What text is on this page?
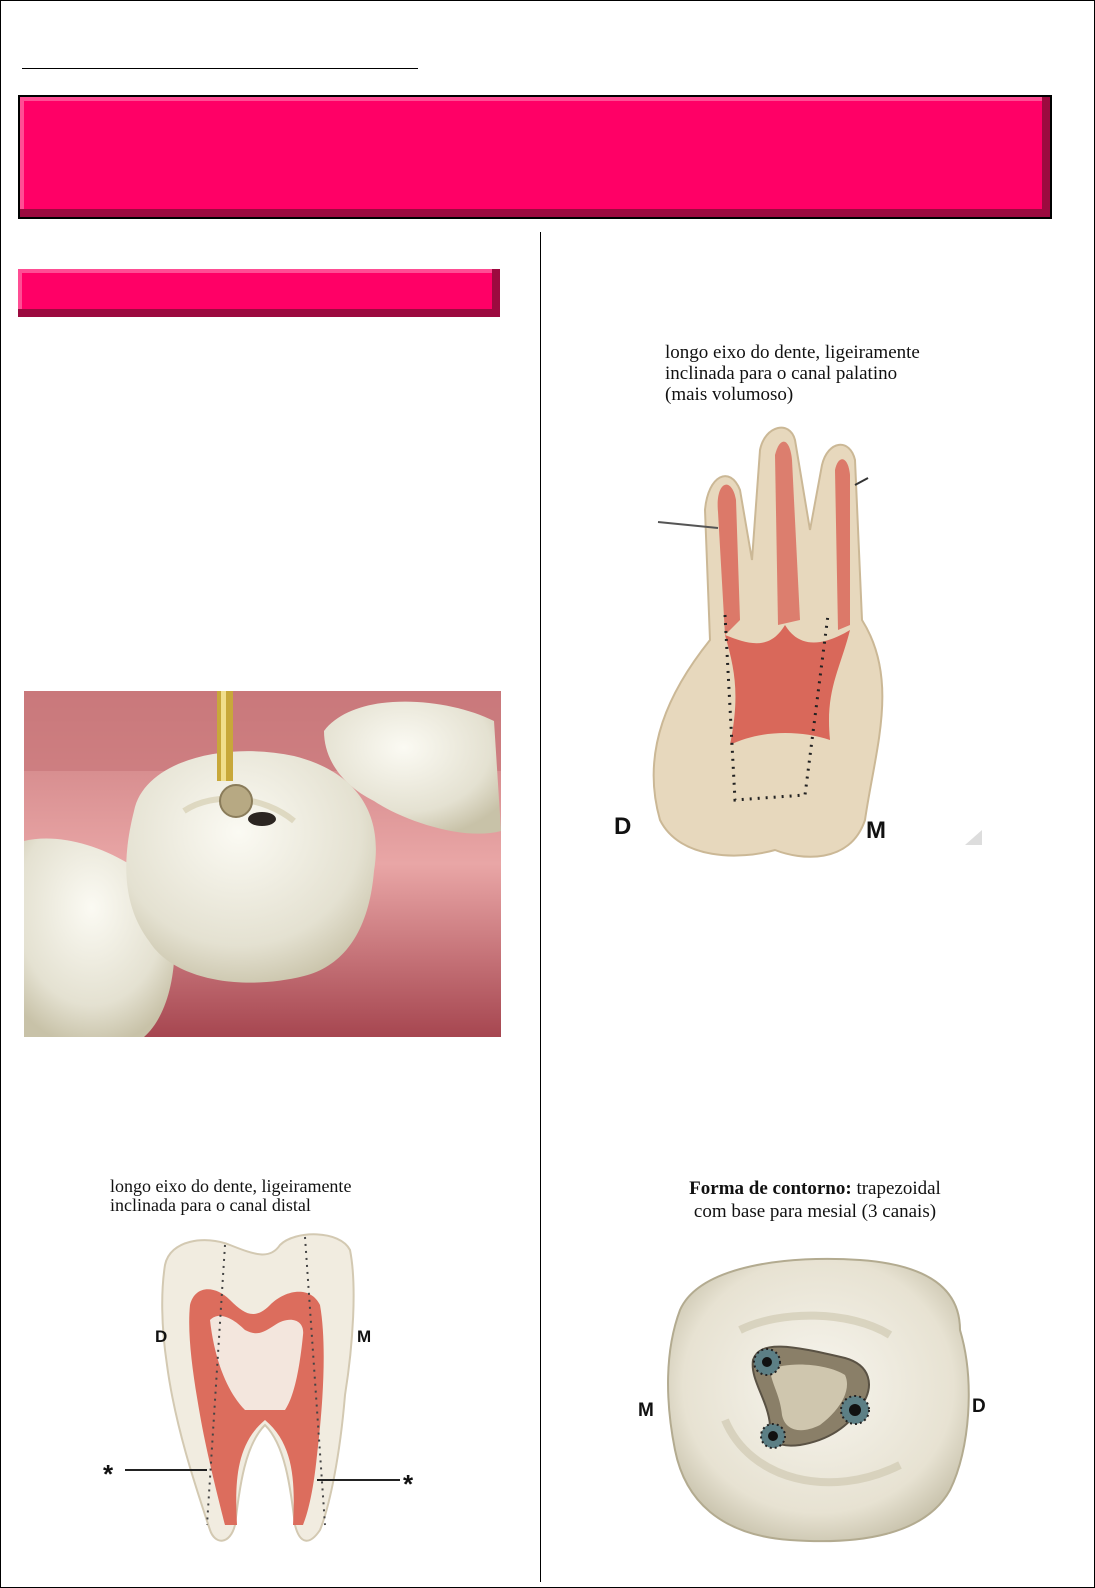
longo eixo do dente, ligeiramente
inclinada para o canal palatino
(mais volumoso)
D	M
longo eixo do dente, ligeiramente
inclinada para o canal distal
D	M
*	*
Forma de contorno: trapezoidal
com base para mesial (3 canais)
M	D
